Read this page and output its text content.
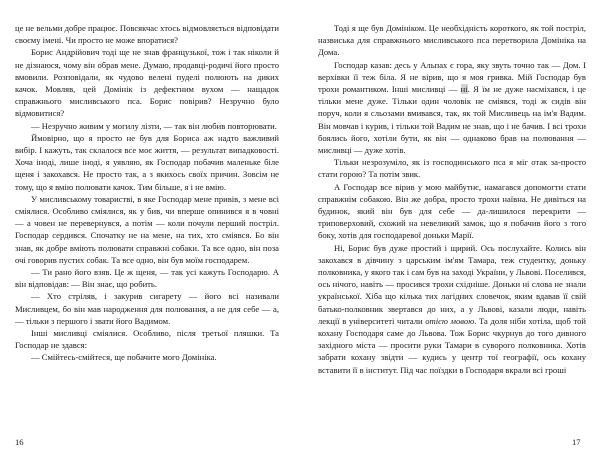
це не вельми добре працює. Повсякчас хтось відмовляється відповідати своєму імені. Чи просто не може впоратися?

Борис Андрійович тоді ще не знав французької, тож і так ніколи й не дізнаюся, чому він обрав мене. Думаю, продавці-родичі його просто вмовили. Розповідали, як чудово велені пуделі полюють на диких качок. Мовляв, цей Домінік із дефектним вухом — нащадок справжнього мисливського пса. Борис повірив? Незручно було відмовитися?

— Незручно живим у могилу лізти, — так він любив повторювати.

Ймовірно, що я просто не був для Бориса аж надто важливий вибір. І кажуть, так склалося все моє життя, — результат випадковості. Хоча іноді, лише іноді, я уявляю, як Господар побачив маленьке біле щеня і закохався. Не просто так, а з якихось своїх причин. Зовсім не тому, що я вмію полювати качок. Тим більше, я і не вмію.

У мисливському товаристві, в яке Господар мене привів, з мене всі сміялися. Особливо сміялися, як у бив, чи вперше опинився я в човні — а човен не перевернувся, а потім — коли почули перший постріл. Господар сердився. Спочатку не на мене, на тих, хто сміявся. Бо він знав, як добре вміють полювати справжні собаки. Та все одно, він поза очі говорив пустих собак. Та все одно, він був моїм господарем.

— Ти рано його взяв. Це ж щеня, — так усі кажуть Господарю. А він відповідав: — Він знає, що робить.

— Хто стріляв, і закурив сигарету — його всі називали Мисливцем, бо він мав народження для полювання, а не для себе — а, — тільки з першого і звати його Вадимом.

Інші мисливці сміялися. Особливо, після третьої пляшки. Та Господар не здався:

— Смійтесь-смійтеся, ще побачите мого Домініка.

16

Тоді я ще був Домініком. Це необхідність короткого, як той постріл, назвиська для справжнього мисливського пса перетворила Домініка на Дома.

Господар казав: десь у Альпах є гора, яку звуть точно так — Дом. І верхівки її теж біла. Я не вірив, що я моя гривка. Мій Господар був трохи романтиком. Інші мисливці — ні. Я їм не дуже насміхався, і це тільки мене дуже. Тільки один чоловік не сміявся, тоді ж сидів він поруч, коли я сльозами вмивався, так, як той Мисливець на ім'я Вадим. Він мовчав і курив, і тільки той Вадим не знав, що і не бачив. І всі трохи боялись його, хотіли бути, як він — однаково брав на полювання — мисливці — дуже хотів.

Тільки незрозуміло, як із господинського пса я міг отак за-просто стати горою? Та потім звик.

А Господар все вірив у мою майбутнє, намагався допомогти стати справжнім собакою. Він же добра, просто трохи наївна. Не дивіться на будинок, який він був для себе — да-лишилося перекрити — триповерховий, схожий на невеликий замок, що я побачив його з того боку, хотів для господаревої доньки Марії.

Ні, Борис був дуже простий і щирий. Ось послухайте. Колись він закохався в дівчину з царським ім'ям Тамара, теж студентку, доньку полковника, у якого так і сам був на заході України, у Львові. Поселився, ось нічого, навіть — просився трохи східніше. Доньки ні слова не знали української. Хіба що кілька тих лагідних словечок, яким вдавав її свій батько-полковник звертався до них, а у Львові, казали люди, навіть лекції в університеті читали отією мовою. Та доля ніби хотіла, щоб той кохану Господаря саме до Львова. Тож Борис чкурнув до того дивного західного міста — просити руки Тамари в суворого полковника. Хотів забрати кохану звідти — кудись у центр тої географії, ось кохану вставити її в інститут. Під час поїздки в Господаря вкрали всі гроші

17
